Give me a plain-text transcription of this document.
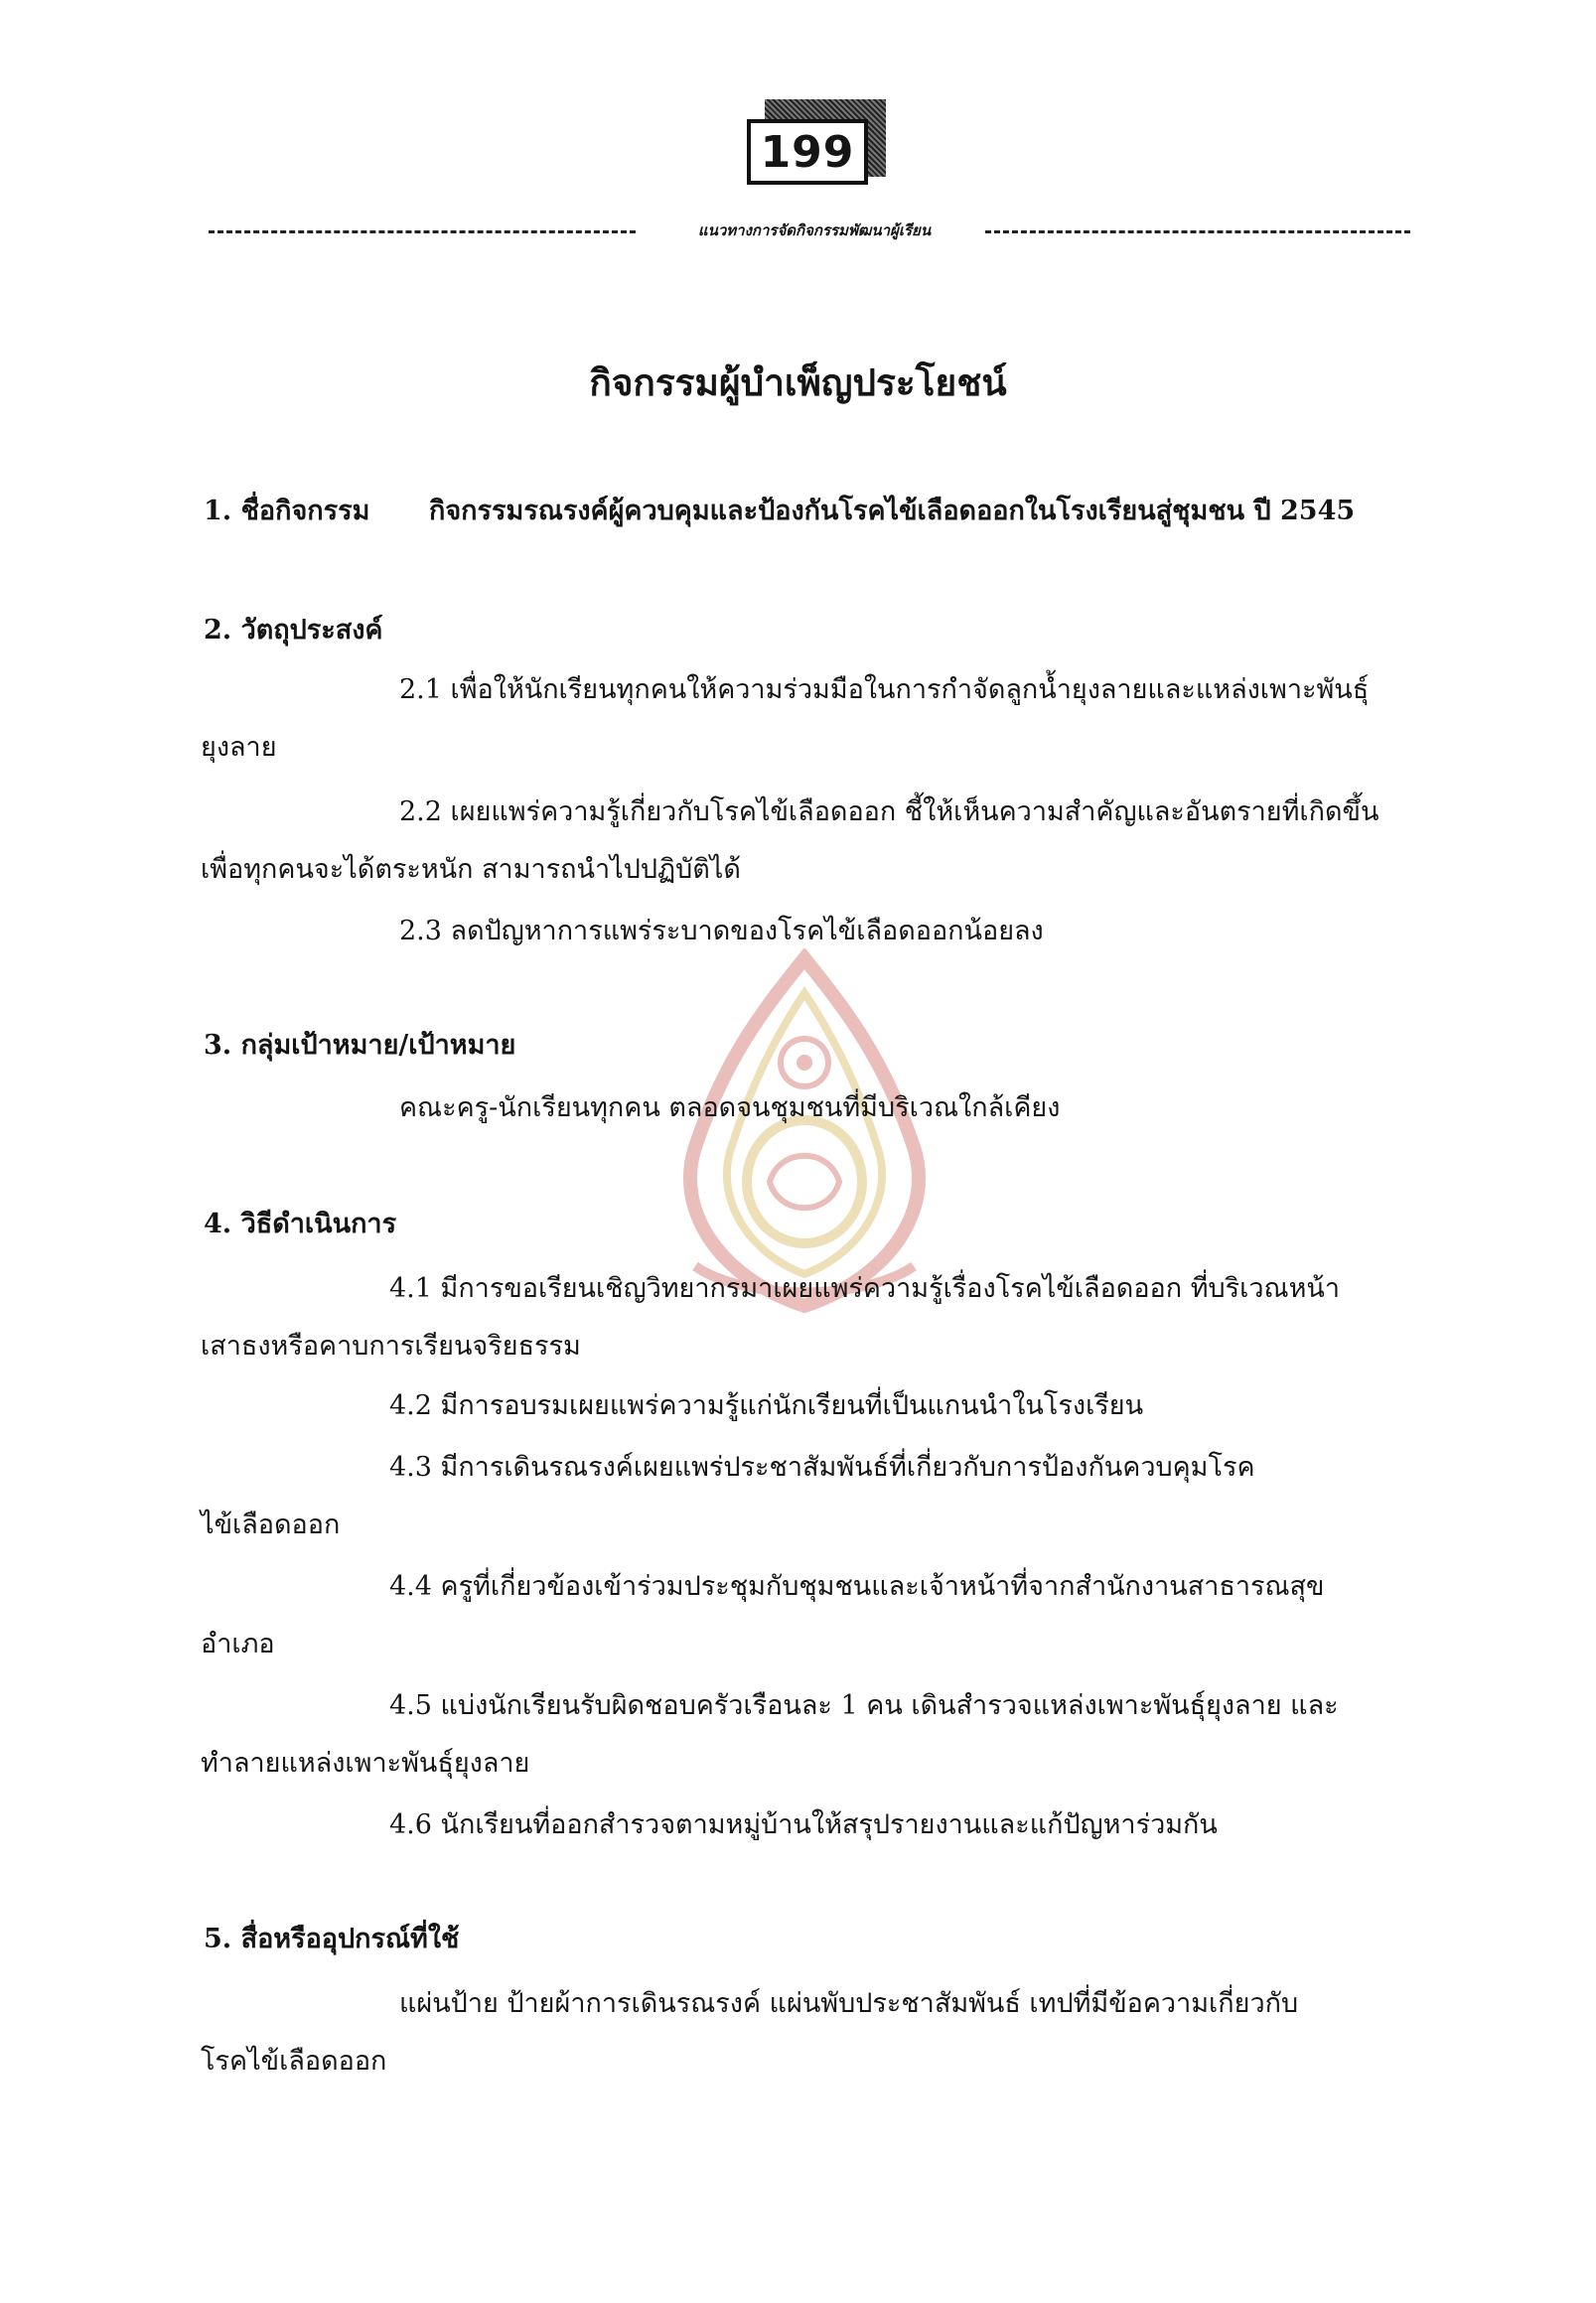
199
แนวทางการจัดกิจกรรมพัฒนาผู้เรียน
กิจกรรมผู้บำเพ็ญประโยชน์
1. ชื่อกิจกรรม กิจกรรมรณรงค์ผู้ควบคุมและป้องกันโรคไข้เลือดออกในโรงเรียนสู่ชุมชน ปี 2545
2. วัตถุประสงค์
2.1 เพื่อให้นักเรียนทุกคนให้ความร่วมมือในการกำจัดลูกน้ำยุงลายและแหล่งเพาะพันธุ์
ยุงลาย
2.2 เผยแพร่ความรู้เกี่ยวกับโรคไข้เลือดออก ชี้ให้เห็นความสำคัญและอันตรายที่เกิดขึ้น
เพื่อทุกคนจะได้ตระหนัก สามารถนำไปปฏิบัติได้
2.3 ลดปัญหาการแพร่ระบาดของโรคไข้เลือดออกน้อยลง
3. กลุ่มเป้าหมาย/เป้าหมาย
คณะครู-นักเรียนทุกคน ตลอดจนชุมชนที่มีบริเวณใกล้เคียง
4. วิธีดำเนินการ
4.1 มีการขอเรียนเชิญวิทยากรมาเผยแพร่ความรู้เรื่องโรคไข้เลือดออก ที่บริเวณหน้า
เสาธงหรือคาบการเรียนจริยธรรม
4.2 มีการอบรมเผยแพร่ความรู้แก่นักเรียนที่เป็นแกนนำในโรงเรียน
4.3 มีการเดินรณรงค์เผยแพร่ประชาสัมพันธ์ที่เกี่ยวกับการป้องกันควบคุมโรค
ไข้เลือดออก
4.4 ครูที่เกี่ยวข้องเข้าร่วมประชุมกับชุมชนและเจ้าหน้าที่จากสำนักงานสาธารณสุข
อำเภอ
4.5 แบ่งนักเรียนรับผิดชอบครัวเรือนละ 1 คน เดินสำรวจแหล่งเพาะพันธุ์ยุงลาย และ
ทำลายแหล่งเพาะพันธุ์ยุงลาย
4.6 นักเรียนที่ออกสำรวจตามหมู่บ้านให้สรุปรายงานและแก้ปัญหาร่วมกัน
5. สื่อหรืออุปกรณ์ที่ใช้
แผ่นป้าย ป้ายผ้าการเดินรณรงค์ แผ่นพับประชาสัมพันธ์ เทปที่มีข้อความเกี่ยวกับ
โรคไข้เลือดออก
